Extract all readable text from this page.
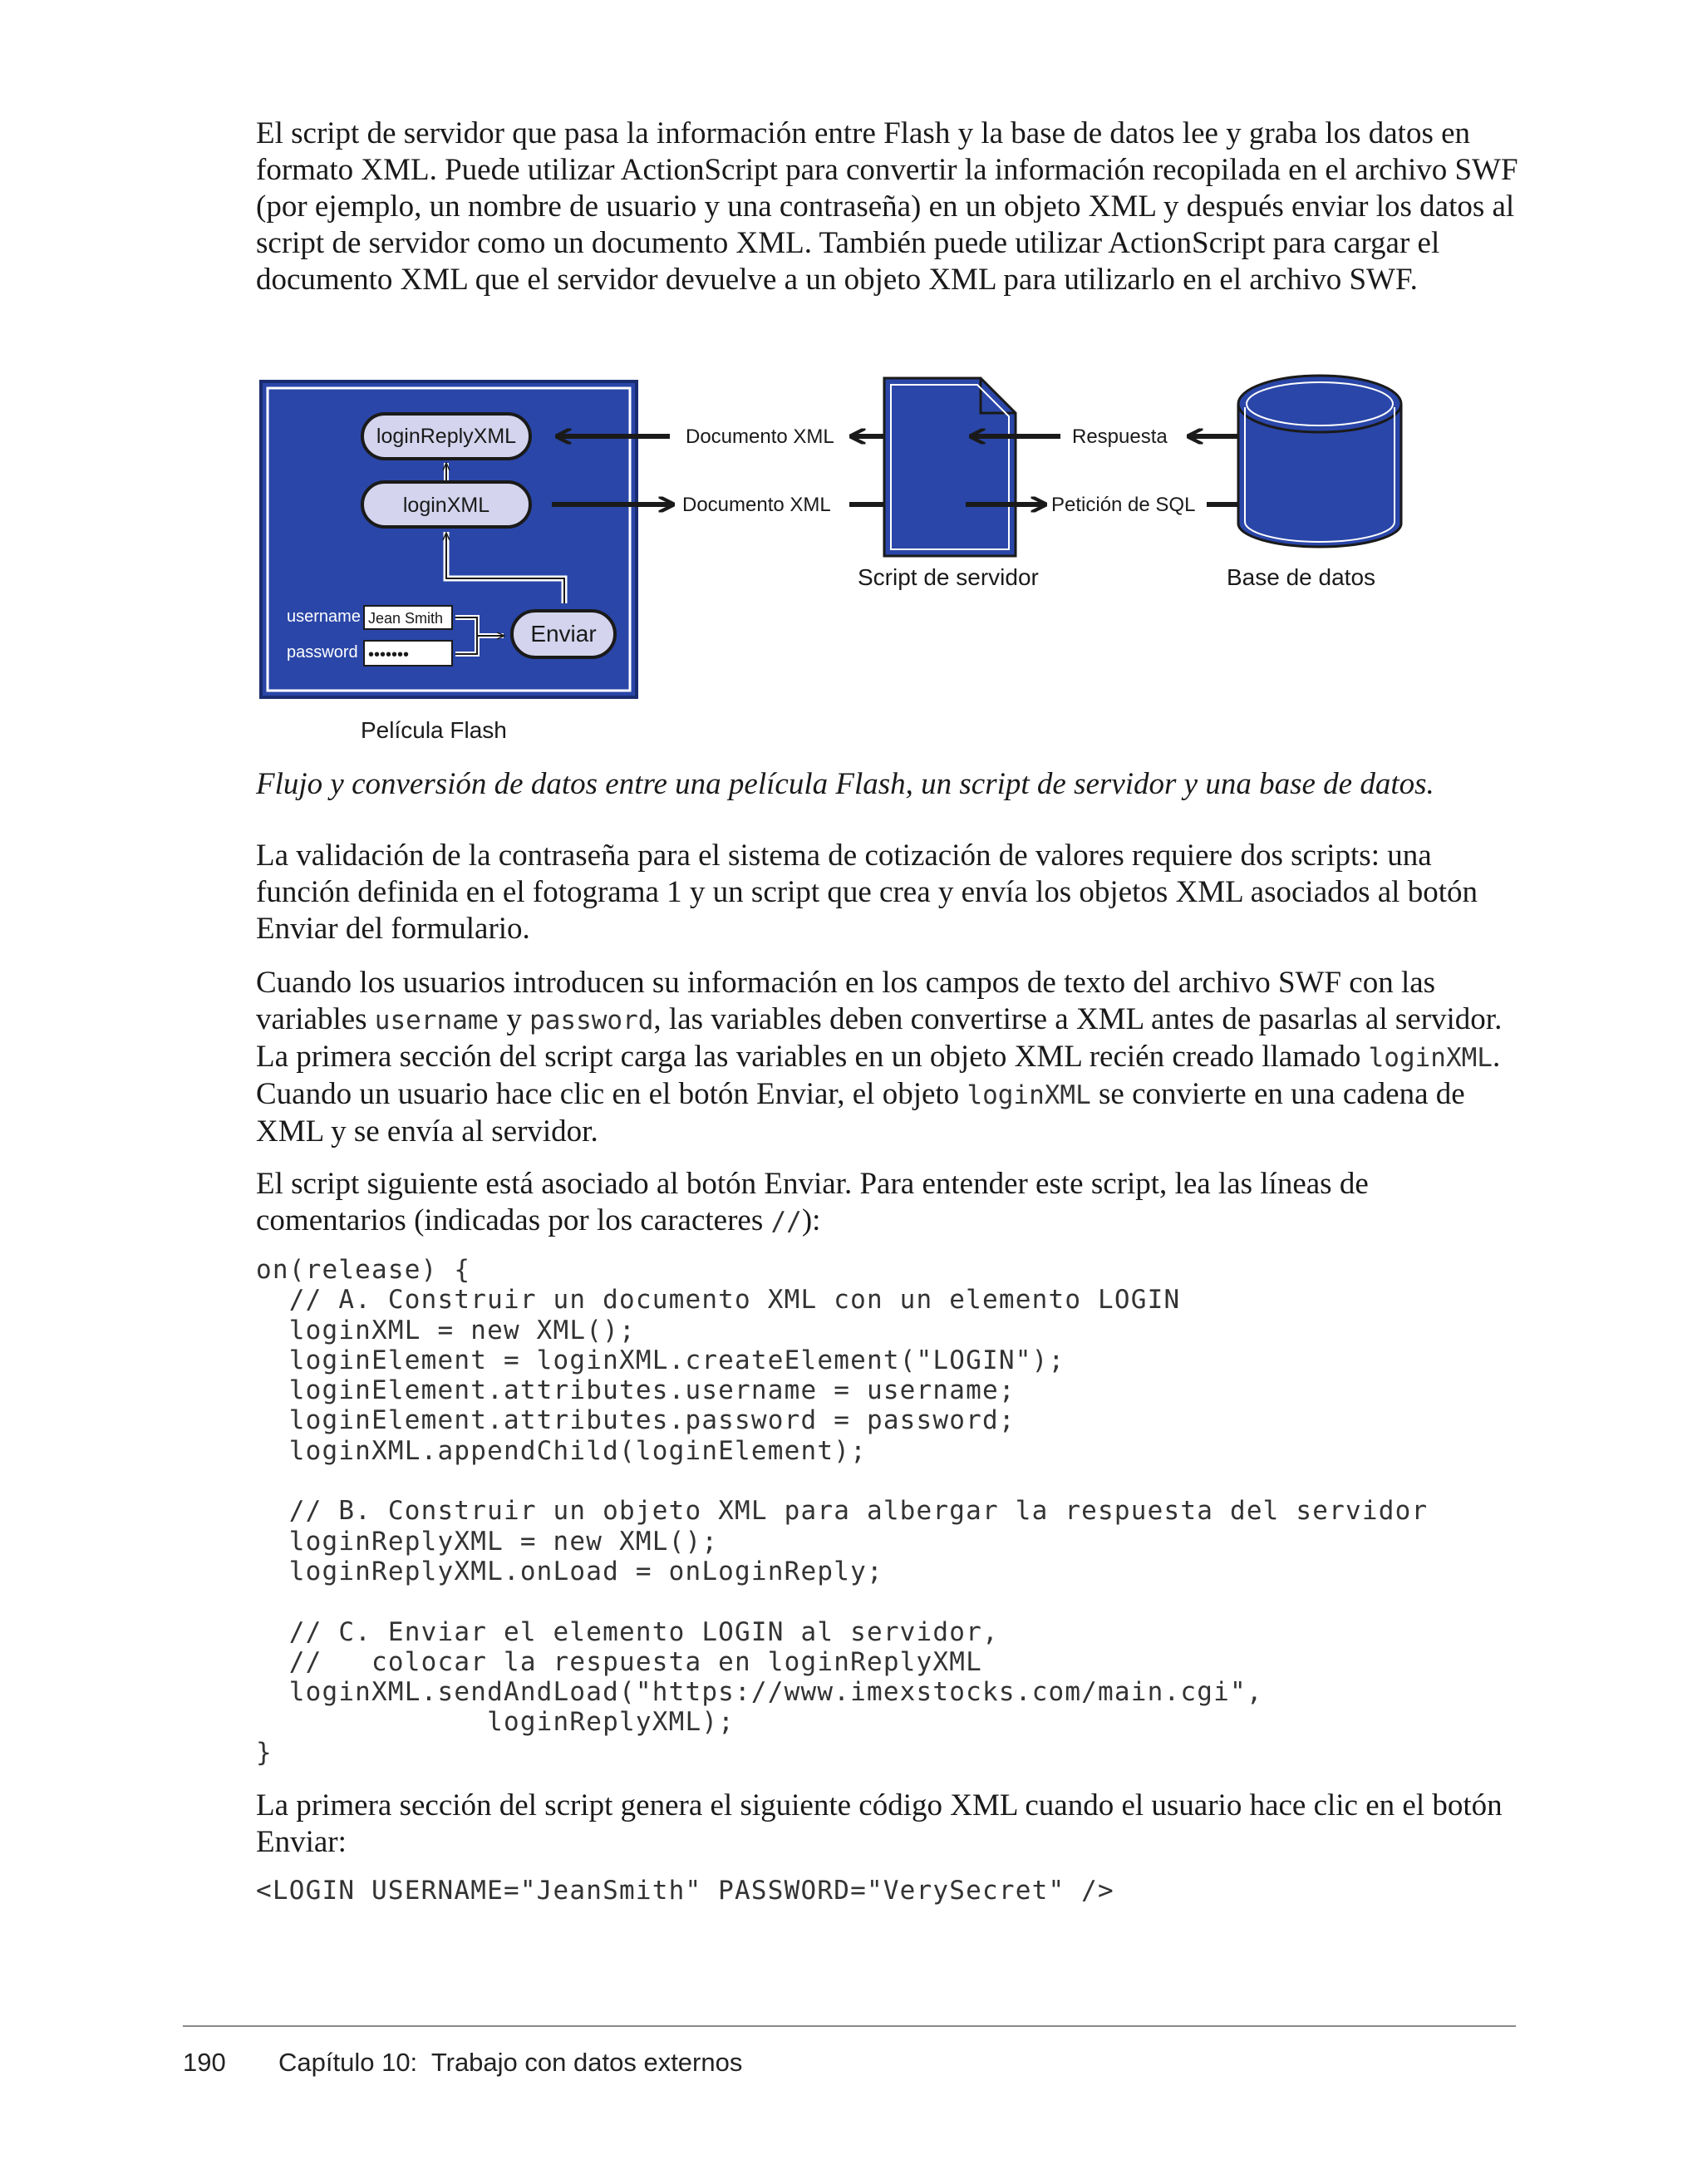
El script de servidor que pasa la información entre Flash y la base de datos lee y graba los datos en formato XML. Puede utilizar ActionScript para convertir la información recopilada en el archivo SWF (por ejemplo, un nombre de usuario y una contraseña) en un objeto XML y después enviar los datos al script de servidor como un documento XML. También puede utilizar ActionScript para cargar el documento XML que el servidor devuelve a un objeto XML para utilizarlo en el archivo SWF.

loginReplyXML
loginXML
username Jean Smith
password •••••••
Enviar
Película Flash
Documento XML
Documento XML
Script de servidor
Respuesta
Petición de SQL
Base de datos

Flujo y conversión de datos entre una película Flash, un script de servidor y una base de datos.

La validación de la contraseña para el sistema de cotización de valores requiere dos scripts: una función definida en el fotograma 1 y un script que crea y envía los objetos XML asociados al botón Enviar del formulario.

Cuando los usuarios introducen su información en los campos de texto del archivo SWF con las variables username y password, las variables deben convertirse a XML antes de pasarlas al servidor. La primera sección del script carga las variables en un objeto XML recién creado llamado loginXML. Cuando un usuario hace clic en el botón Enviar, el objeto loginXML se convierte en una cadena de XML y se envía al servidor.

El script siguiente está asociado al botón Enviar. Para entender este script, lea las líneas de comentarios (indicadas por los caracteres //):

on(release) {
// A. Construir un documento XML con un elemento LOGIN
loginXML = new XML();
loginElement = loginXML.createElement("LOGIN");
loginElement.attributes.username = username;
loginElement.attributes.password = password;
loginXML.appendChild(loginElement);

// B. Construir un objeto XML para albergar la respuesta del servidor
loginReplyXML = new XML();
loginReplyXML.onLoad = onLoginReply;

// C. Enviar el elemento LOGIN al servidor,
//   colocar la respuesta en loginReplyXML
loginXML.sendAndLoad("https://www.imexstocks.com/main.cgi",
loginReplyXML);
}

La primera sección del script genera el siguiente código XML cuando el usuario hace clic en el botón Enviar:

<LOGIN USERNAME="JeanSmith" PASSWORD="VerySecret" />
190 Capítulo 10:  Trabajo con datos externos
